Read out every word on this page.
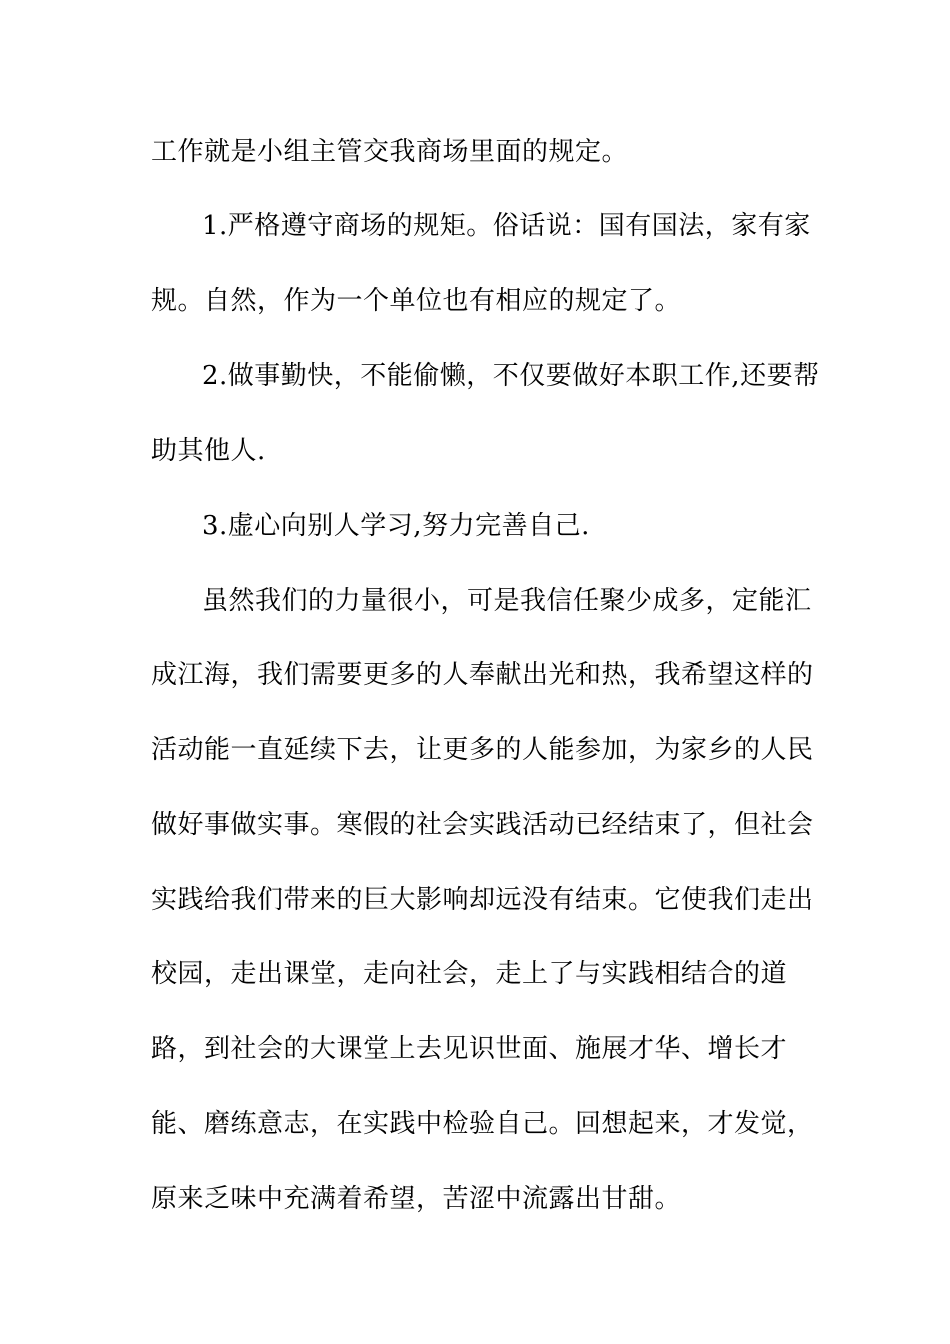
工作就是小组主管交我商场里面的规定。

1.严格遵守商场的规矩。俗话说：国有国法，家有家

规。自然，作为一个单位也有相应的规定了。

2.做事勤快，不能偷懒，不仅要做好本职工作,还要帮

助其他人.

3.虚心向别人学习,努力完善自己.

虽然我们的力量很小，可是我信任聚少成多，定能汇

成江海，我们需要更多的人奉献出光和热，我希望这样的

活动能一直延续下去，让更多的人能参加，为家乡的人民

做好事做实事。寒假的社会实践活动已经结束了，但社会

实践给我们带来的巨大影响却远没有结束。它使我们走出

校园，走出课堂，走向社会，走上了与实践相结合的道

路，到社会的大课堂上去见识世面、施展才华、增长才

能、磨练意志，在实践中检验自己。回想起来，才发觉，

原来乏味中充满着希望，苦涩中流露出甘甜。
